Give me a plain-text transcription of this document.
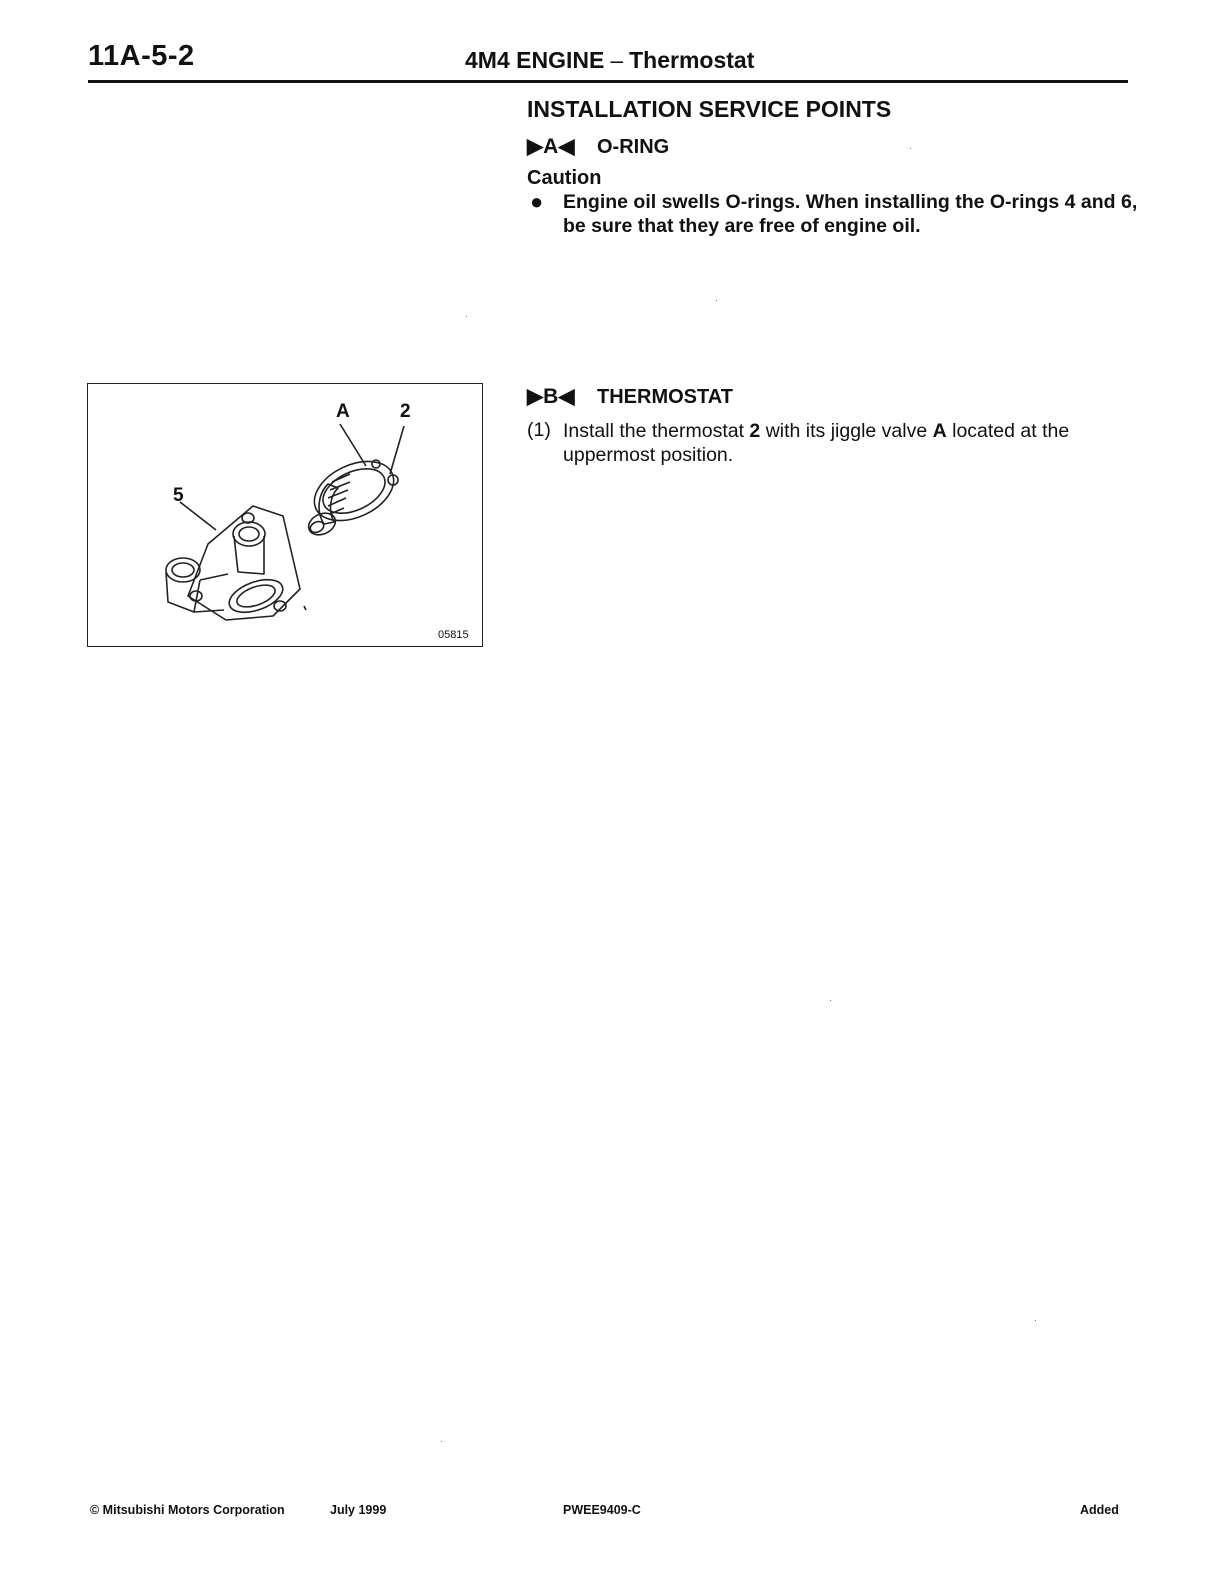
11A-5-2	4M4 ENGINE – Thermostat
INSTALLATION SERVICE POINTS
▶A◀ O-RING
Caution
● Engine oil swells O-rings. When installing the O-rings 4 and 6, be sure that they are free of engine oil.
▶B◀ THERMOSTAT
(1) Install the thermostat 2 with its jiggle valve A located at the uppermost position.
A	2
5
05815
© Mitsubishi Motors Corporation	July 1999	PWEE9409-C	Added
